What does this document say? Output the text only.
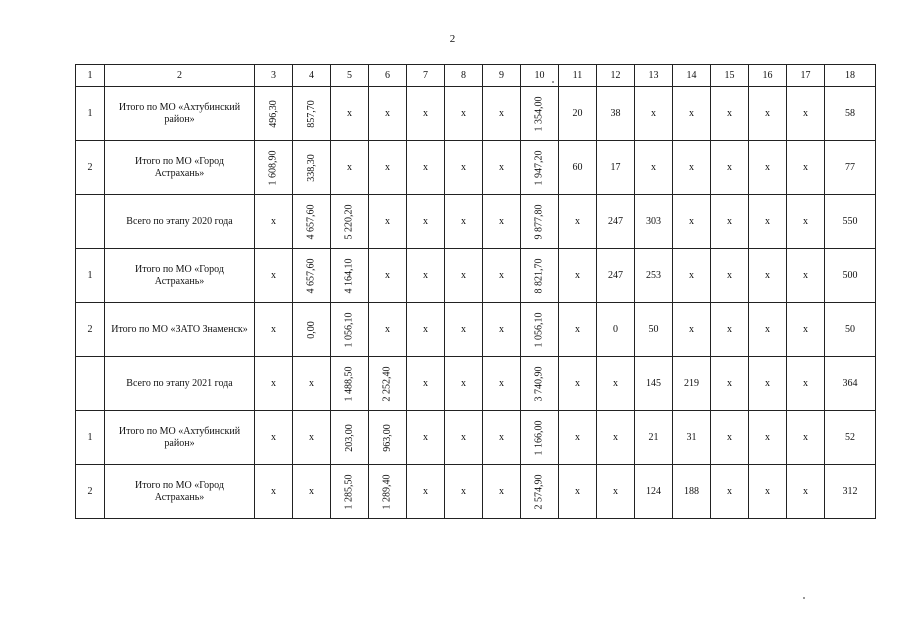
2
1	2	3	4	5	6	7	8	9	10	11	12	13	14	15	16	17	18
1	Итого по МО «Ахтубинский район»	496,30	857,70	х	х	х	х	х	1 354,00	20	38	х	х	х	х	х	58
2	Итого по МО «Город Астрахань»	1 608,90	338,30	х	х	х	х	х	1 947,20	60	17	х	х	х	х	х	77
	Всего по этапу 2020 года	х	4 657,60	5 220,20	х	х	х	х	9 877,80	х	247	303	х	х	х	х	550
1	Итого по МО «Город Астрахань»	х	4 657,60	4 164,10	х	х	х	х	8 821,70	х	247	253	х	х	х	х	500
2	Итого по МО «ЗАТО Знаменск»	х	0,00	1 056,10	х	х	х	х	1 056,10	х	0	50	х	х	х	х	50
	Всего по этапу 2021 года	х	х	1 488,50	2 252,40	х	х	х	3 740,90	х	х	145	219	х	х	х	364
1	Итого по МО «Ахтубинский район»	х	х	203,00	963,00	х	х	х	1 166,00	х	х	21	31	х	х	х	52
2	Итого по МО «Город Астрахань»	х	х	1 285,50	1 289,40	х	х	х	2 574,90	х	х	124	188	х	х	х	312
